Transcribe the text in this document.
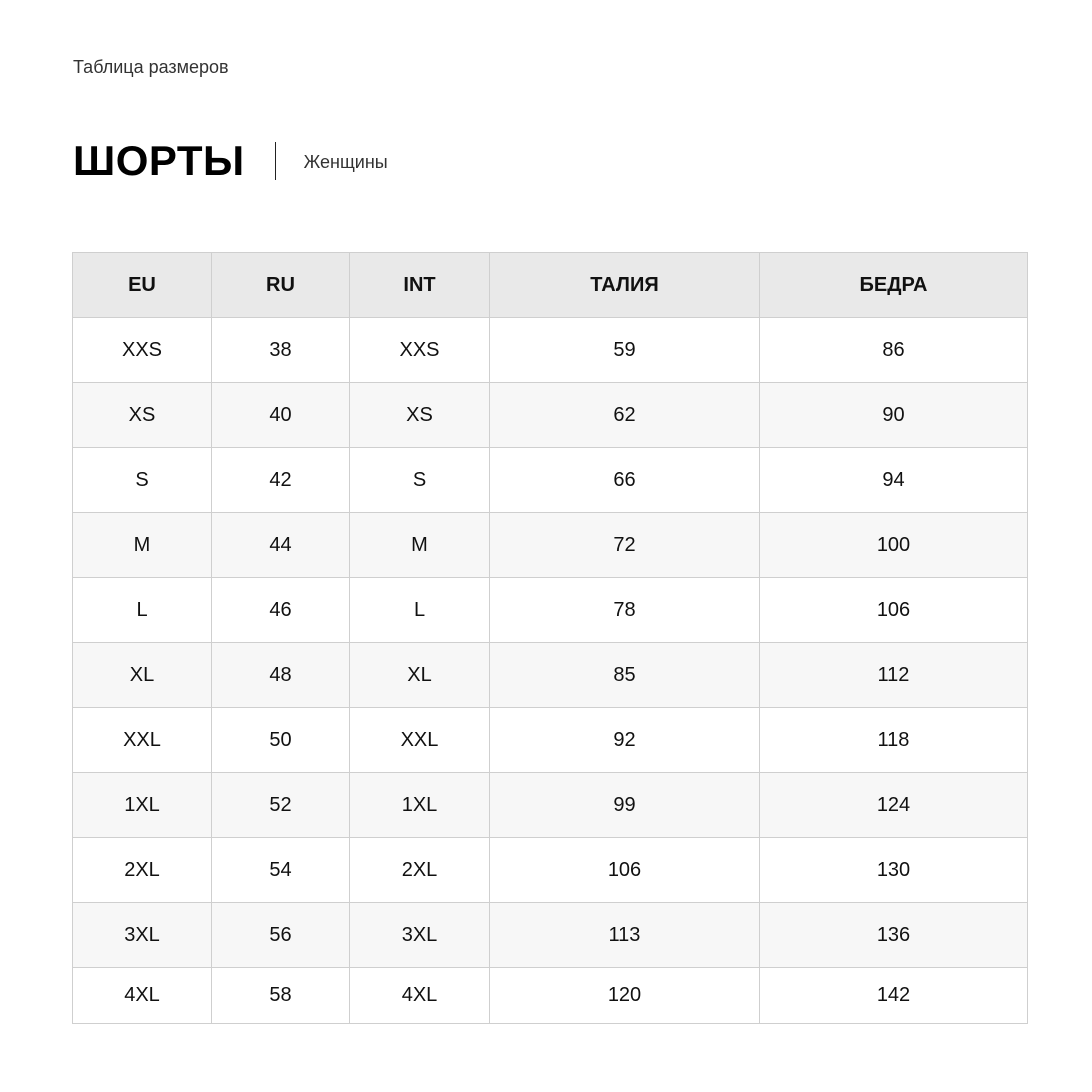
Таблица размеров
ШОРТЫ	Женщины
EU	RU	INT	ТАЛИЯ	БЕДРА
XXS	38	XXS	59	86
XS	40	XS	62	90
S	42	S	66	94
M	44	M	72	100
L	46	L	78	106
XL	48	XL	85	112
XXL	50	XXL	92	118
1XL	52	1XL	99	124
2XL	54	2XL	106	130
3XL	56	3XL	113	136
4XL	58	4XL	120	142
